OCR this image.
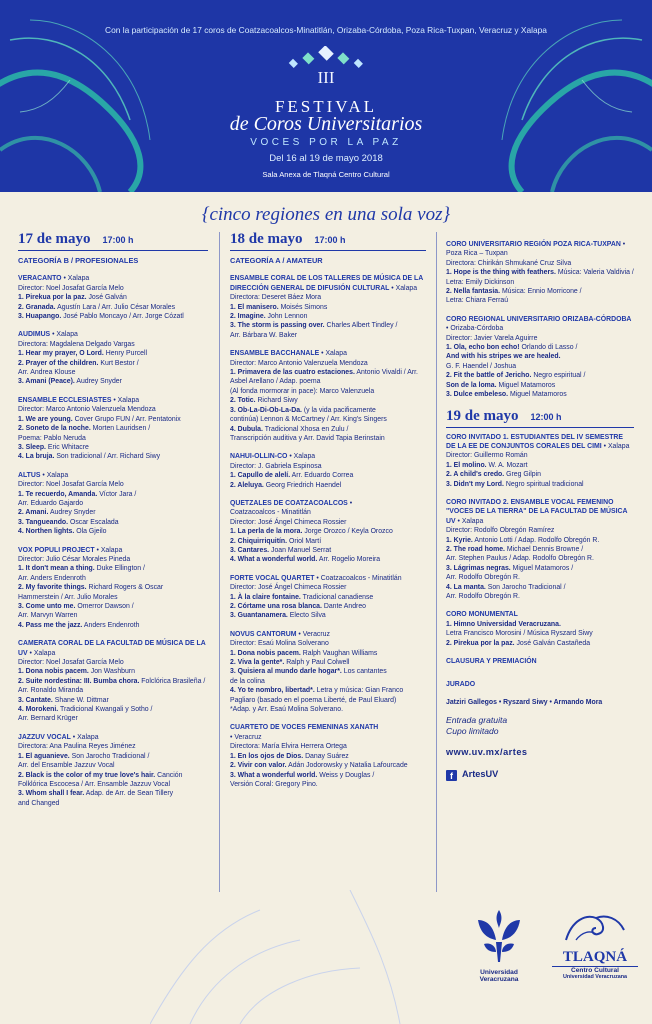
Con la participación de 17 coros de Coatzacoalcos-Minatitlán, Orizaba-Córdoba, Poza Rica-Tuxpan, Veracruz y Xalapa
III
FESTIVAL
de Coros Universitarios
VOCES POR LA PAZ
Del 16 al 19 de mayo 2018
Sala Anexa de Tlaqná Centro Cultural
{cinco regiones en una sola voz}
17 de mayo 17:00 h
CATEGORÍA B / PROFESIONALES

VERACANTO • Xalapa

Director: Noel Josafat García Melo

1. Pirekua por la paz. José Galván

2. Granada. Agustín Lara / Arr. Julio César Morales

3. Huapango. José Pablo Moncayo / Arr. Jorge Cózatl

AUDIMUS • Xalapa

Directora: Magdalena Delgado Vargas

1. Hear my prayer, O Lord. Henry Purcell

2. Prayer of the children. Kurt Bestor /

Arr. Andrea Klouse

3. Amani (Peace). Audrey Snyder

ENSAMBLE ECCLESIASTES • Xalapa

Director: Marco Antonio Valenzuela Mendoza

1. We are young. Cover Grupo FUN / Arr. Pentatonix

2. Soneto de la noche. Morten Lauridsen /

Poema: Pablo Neruda

3. Sleep. Eric Whitacre

4. La bruja. Son tradicional / Arr. Richard Siwy

ALTUS • Xalapa

Director: Noel Josafat García Melo

1. Te recuerdo, Amanda. Víctor Jara /

Arr. Eduardo Gajardo

2. Amani. Audrey Snyder

3. Tangueando. Oscar Escalada

4. Northen lights. Ola Gjeilo

VOX POPULI PROJECT • Xalapa

Director: Julio César Morales Pineda

1. It don't mean a thing. Duke Ellington /

Arr. Anders Endenroth

2. My favorite things. Richard Rogers & Oscar

Hammerstein / Arr. Julio Morales

3. Come unto me. Omerror Dawson /

Arr. Marvyn Warren

4. Pass me the jazz. Anders Endenroth

CAMERATA CORAL DE LA FACULTAD DE MÚSICA DE LA UV • Xalapa

Director: Noel Josafat García Melo

1. Dona nobis pacem. Jon Washburn

2. Suite nordestina: III. Bumba chora. Folclórica Brasileña / Arr. Ronaldo Miranda

3. Cantate. Shane W. Dittmar

4. Morokeni. Tradicional Kwangali y Sotho /

Arr. Bernard Krüger

JAZZUV VOCAL • Xalapa

Directora: Ana Paulina Reyes Jiménez

1. El aguanieve. Son Jarocho Tradicional /

Arr. del Ensamble Jazzuv Vocal

2. Black is the color of my true love's hair. Canción Folklórica Escocesa / Arr. Ensamble Jazzuv Vocal

3. Whom shall I fear. Adap. de Arr. de Sean Tillery

and Changed

18 de mayo 17:00 h
CATEGORÍA A / AMATEUR

ENSAMBLE CORAL DE LOS TALLERES DE MÚSICA DE LA DIRECCIÓN GENERAL DE DIFUSIÓN CULTURAL • Xalapa

Directora: Deseret Báez Mora

1. El manisero. Moisés Simons

2. Imagine. John Lennon

3. The storm is passing over. Charles Albert Tindley /

Arr. Bárbara W. Baker

ENSAMBLE BACCHANALE • Xalapa

Director: Marco Antonio Valenzuela Mendoza

1. Primavera de las cuatro estaciones. Antonio Vivaldi / Arr. Asbel Arellano / Adap. poema

(Al fonda mormorar in pace): Marco Valenzuela

2. Totic. Richard Siwy

3. Ob-La-Di-Ob-La-Da. (y la vida pacificamente

continúa) Lennon & McCartney / Arr. King's Singers

4. Dubula. Tradicional Xhosa en Zulu /

Transcripción auditiva y Arr. David Tapia Berinstain

NAHUI-OLLIN-CO • Xalapa

Director: J. Gabriela Espinosa

1. Capullo de alelí. Arr. Eduardo Correa

2. Aleluya. Georg Friedrich Haendel

QUETZALES DE COATZACOALCOS •

Coatzacoalcos - Minatitlán

Director: José Ángel Chimeca Rossier

1. La perla de la mora. Jorge Orozco / Keyla Orozco

2. Chiquirriquitín. Oriol Martí

3. Cantares. Joan Manuel Serrat

4. What a wonderful world. Arr. Rogelio Moreira

FORTE VOCAL QUARTET • Coatzacoalcos - Minatitlán

Director: José Ángel Chimeca Rossier

1. À la claire fontaine. Tradicional canadiense

2. Córtame una rosa blanca. Dante Andreo

3. Guantanamera. Electo Silva

NOVUS CANTORUM • Veracruz

Director: Esaú Molina Solverano

1. Dona nobis pacem. Ralph Vaughan Williams

2. Viva la gente*. Ralph y Paul Colwell

3. Quisiera al mundo darle hogar*. Los cantantes

de la colina

4. Yo te nombro, libertad*. Letra y música: Gian Franco

Pagliaro (basado en el poema Liberté, de Paul Eluard)

*Adap. y Arr. Esaú Molina Solverano.

CUARTETO DE VOCES FEMENINAS XANATH

• Veracruz

Directora: María Elvira Herrera Ortega

1. En los ojos de Dios. Danay Suárez

2. Vivir con valor. Adán Jodorowsky y Natalia Lafourcade

3. What a wonderful world. Weiss y Douglas /

Versión Coral: Gregory Pino.

CORO UNIVERSITARIO REGIÓN POZA RICA-TUXPAN • Poza Rica – Tuxpan

Directora: Chirikán Shmukané Cruz Silva

1. Hope is the thing with feathers. Música: Valeria Valdivia / Letra: Emily Dickinson

2. Nella fantasia. Música: Ennio Morricone /

Letra: Chiara Ferraú

CORO REGIONAL UNIVERSITARIO ORIZABA-CÓRDOBA • Orizaba-Córdoba

Director: Javier Varela Aguirre

1. Ola, echo bon echo! Orlando di Lasso /

And with his stripes we are healed.

G. F. Haendel / Joshua

2. Fit the battle of Jericho. Negro espiritual /

Son de la loma. Miguel Matamoros

3. Dulce embeleso. Miguel Matamoros

19 de mayo 12:00 h

CORO INVITADO 1. ESTUDIANTES DEL IV SEMESTRE DE LA EE DE CONJUNTOS CORALES DEL CIMI • Xalapa

Director: Guillermo Román

1. El molino. W. A. Mozart

2. A child's credo. Greg Gilpin

3. Didn't my Lord. Negro spiritual tradicional

CORO INVITADO 2. ENSAMBLE VOCAL FEMENINO "VOCES DE LA TIERRA" DE LA FACULTAD DE MÚSICA UV • Xalapa

Director: Rodolfo Obregón Ramírez

1. Kyrie. Antonio Lotti / Adap. Rodolfo Obregón R.

2. The road home. Michael Dennis Browne /

Arr. Stephen Paulus / Adap. Rodolfo Obregón R.

3. Lágrimas negras. Miguel Matamoros /

Arr. Rodolfo Obregón R.

4. La manta. Son Jarocho Tradicional /

Arr. Rodolfo Obregón R.

CORO MONUMENTAL

1. Himno Universidad Veracruzana.

Letra Francisco Morosini / Música Ryszard Siwy

2. Pirekua por la paz. José Galván Castañeda

CLAUSURA Y PREMIACIÓN
JURADO
Jatziri Gallegos • Ryszard Siwy • Armando Mora
Entrada gratuita
Cupo limitado
www.uv.mx/artes
f ArtesUV
Universidad Veracruzana
TLAQNÁ
Centro Cultural
Universidad Veracruzana
